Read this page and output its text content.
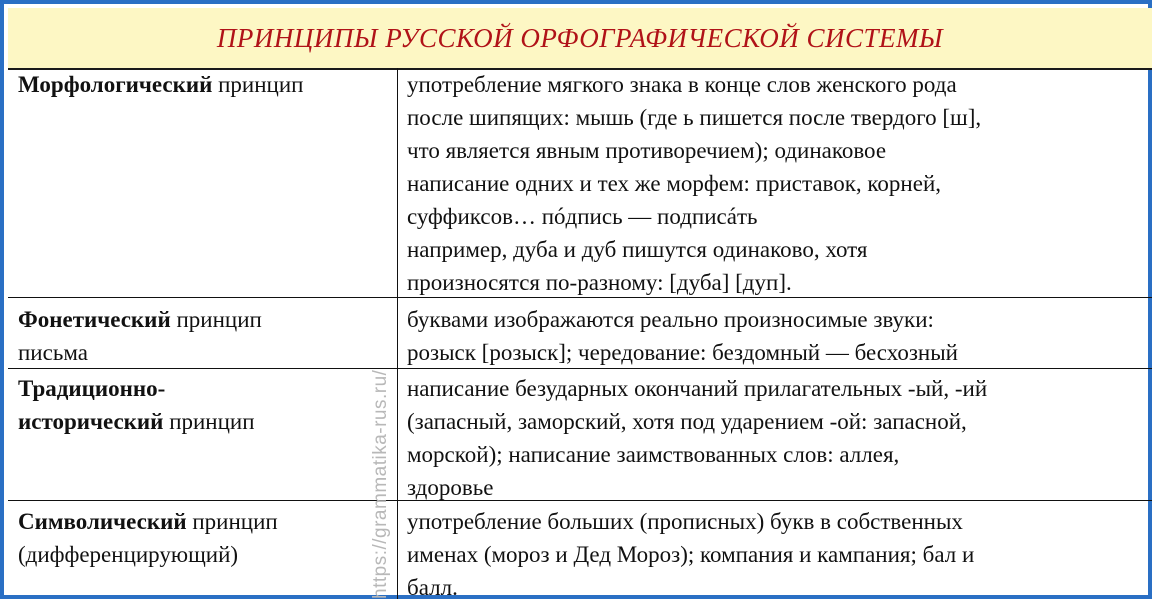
ПРИНЦИПЫ РУССКОЙ ОРФОГРАФИЧЕСКОЙ СИСТЕМЫ
Морфологический принцип	употребление мягкого знака в конце слов женского рода
после шипящих: мышь (где ь пишется после твердого [ш],
что является явным противоречием); одинаковое
написание одних и тех же морфем: приставок, корней,
суффиксов… пóдпись — подписáть
например, дуба и дуб пишутся одинаково, хотя
произносятся по-разному: [дуба] [дуп].
Фонетический принцип
письма
буквами изображаются реально произносимые звуки:
розыск [розыск]; чередование: бездомный — бесхозный
Традиционно-
исторический принцип
написание безударных окончаний прилагательных -ый, -ий
(запасный, заморский, хотя под ударением -ой: запасной,
морской); написание заимствованных слов: аллея,
здоровье
Символический принцип
(дифференцирующий)
употребление больших (прописных) букв в собственных
именах (мороз и Дед Мороз); компания и кампания; бал и
балл.
https://grammatika-rus.ru/
